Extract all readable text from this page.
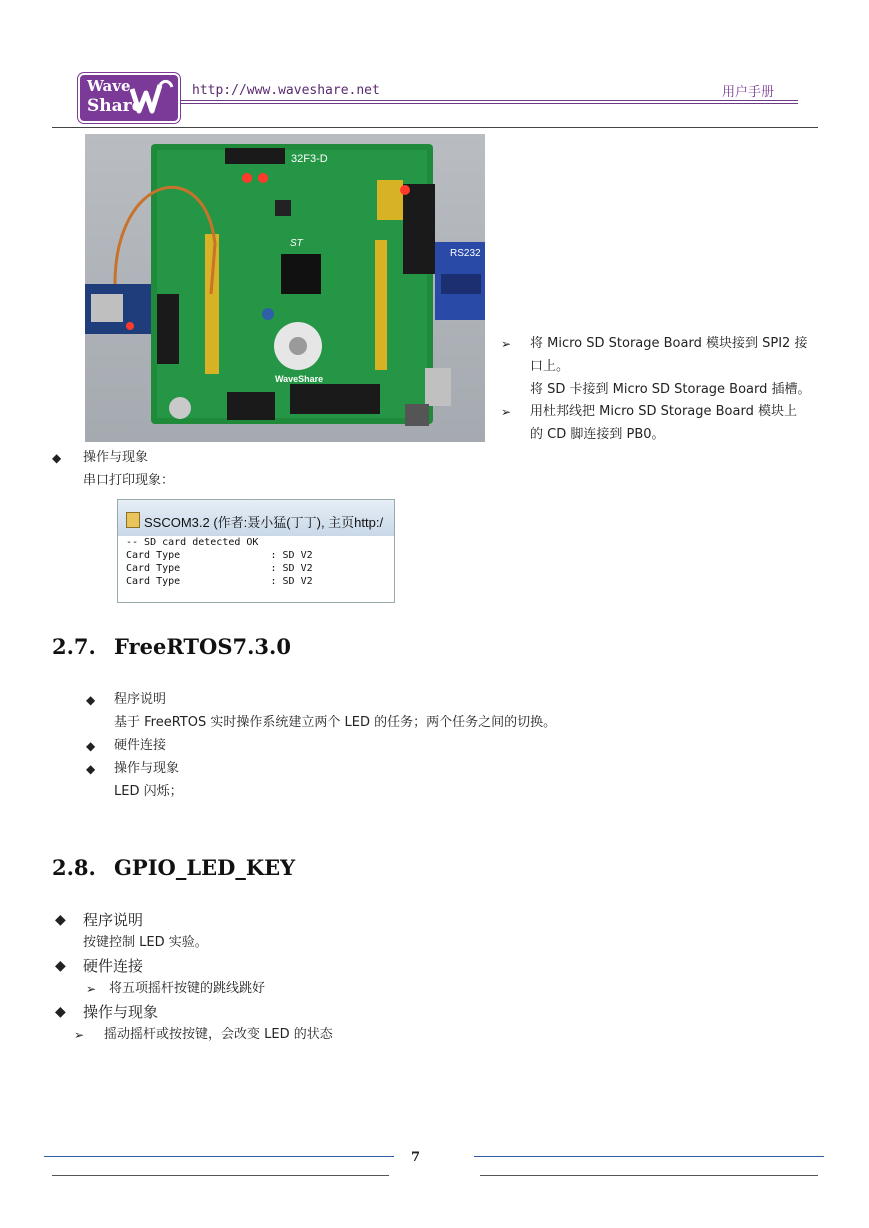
Wave
Share
http://www.waveshare.net	用户手册
32F3-D
WaveShare
RS232
ST
➢ 将 Micro SD Storage Board 模块接到 SPI2 接
口上。
将 SD 卡接到 Micro SD Storage Board 插槽。
➢ 用杜邦线把 Micro SD Storage Board 模块上
的 CD 脚连接到 PB0。
◆ 操作与现象
串口打印现象：
SSCOM3.2 (作者:聂小猛(丁丁), 主页http:/
-- SD card detected OK
Card Type               : SD V2
Card Type               : SD V2
Card Type               : SD V2
2.7. FreeRTOS7.3.0
◆ 程序说明
基于 FreeRTOS 实时操作系统建立两个 LED 的任务；两个任务之间的切换。
◆ 硬件连接
◆ 操作与现象
LED 闪烁；
2.8. GPIO_LED_KEY
◆ 程序说明
按键控制 LED 实验。
◆ 硬件连接
➢ 将五项摇杆按键的跳线跳好
◆ 操作与现象
➢ 摇动摇杆或按按键，会改变 LED 的状态
7
